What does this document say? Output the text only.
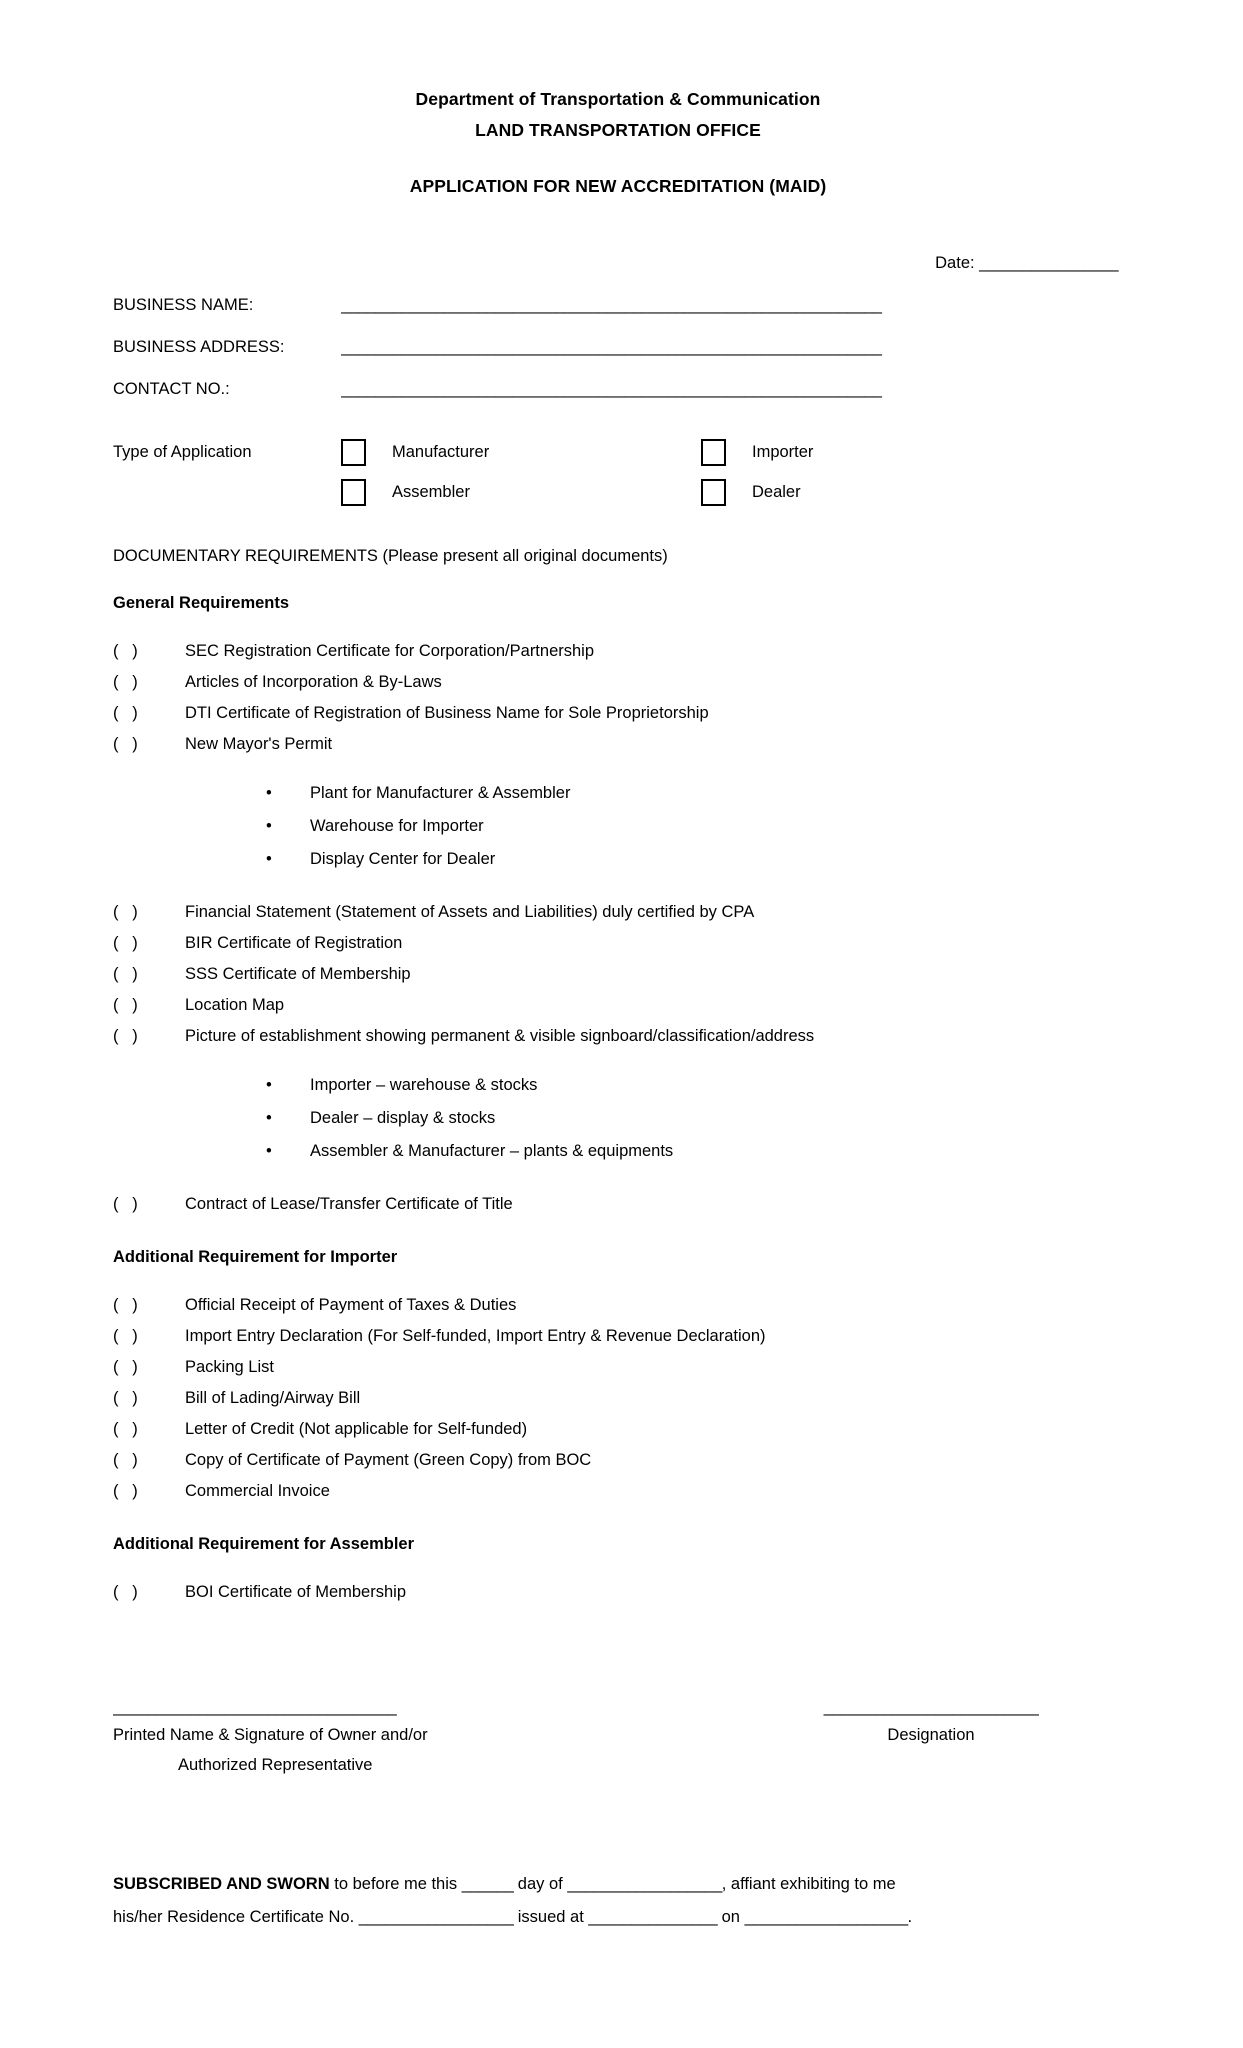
Department of Transportation & Communication
LAND TRANSPORTATION OFFICE
APPLICATION FOR NEW ACCREDITATION (MAID)
Date: ________________
BUSINESS NAME:	_______________________________________________________________
BUSINESS ADDRESS:	_______________________________________________________________
CONTACT NO.:	_______________________________________________________________
Type of Application	Manufacturer	Importer
Assembler	Dealer
DOCUMENTARY REQUIREMENTS (Please present all original documents)
General Requirements
(   )	SEC Registration Certificate for Corporation/Partnership
(   )	Articles of Incorporation & By-Laws
(   )	DTI Certificate of Registration of Business Name for Sole Proprietorship
(   )	New Mayor's Permit
•	Plant for Manufacturer & Assembler
•	Warehouse for Importer
•	Display Center for Dealer
(   )	Financial Statement (Statement of Assets and Liabilities) duly certified by CPA
(   )	BIR Certificate of Registration
(   )	SSS Certificate of Membership
(   )	Location Map
(   )	Picture of establishment showing permanent & visible signboard/classification/address
•	Importer – warehouse & stocks
•	Dealer – display & stocks
•	Assembler & Manufacturer – plants & equipments
(   )	Contract of Lease/Transfer Certificate of Title
Additional Requirement for Importer
(   )	Official Receipt of Payment of Taxes & Duties
(   )	Import Entry Declaration (For Self-funded, Import Entry & Revenue Declaration)
(   )	Packing List
(   )	Bill of Lading/Airway Bill
(   )	Letter of Credit (Not applicable for Self-funded)
(   )	Copy of Certificate of Payment (Green Copy) from BOC
(   )	Commercial Invoice
Additional Requirement for Assembler
(   )	BOI Certificate of Membership
_________________________________
Printed Name & Signature of Owner and/or
Authorized Representative
_________________________
Designation
SUBSCRIBED AND SWORN to before me this ______ day of __________________, affiant exhibiting to me
his/her Residence Certificate No. __________________ issued at _______________ on ___________________.
